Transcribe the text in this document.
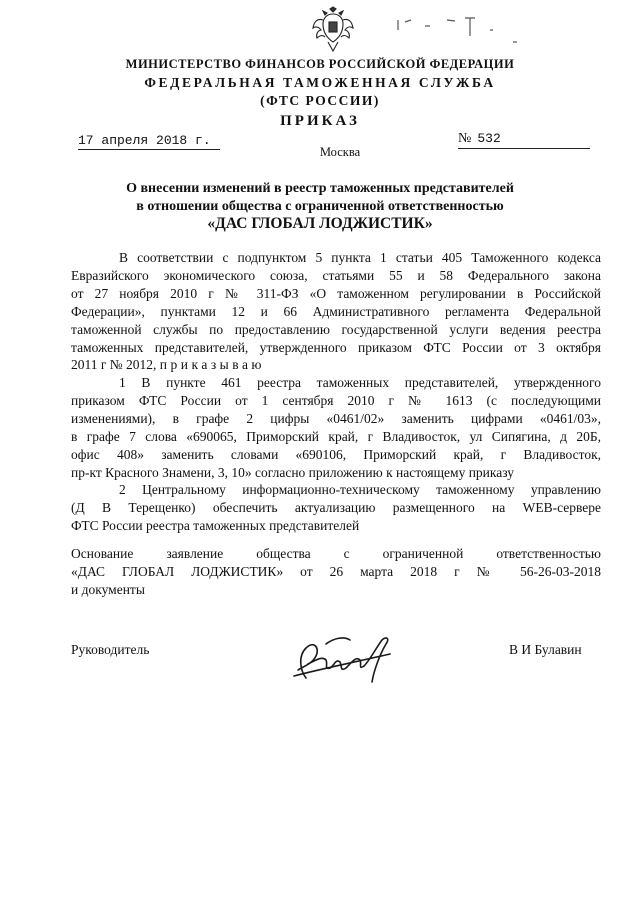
МИНИСТЕРСТВО ФИНАНСОВ РОССИЙСКОЙ ФЕДЕРАЦИИ
ФЕДЕРАЛЬНАЯ ТАМОЖЕННАЯ СЛУЖБА
(ФТС РОССИИ)
ПРИКАЗ
17 апреля 2018 г.	№ 532
Москва
О внесении изменений в реестр таможенных представителей
в отношении общества с ограниченной ответственностью
«ДАС ГЛОБАЛ ЛОДЖИСТИК»
В соответствии с подпунктом 5 пункта 1 статьи 405 Таможенного кодекса
Евразийского экономического союза, статьями 55 и 58 Федерального закона
от 27 ноября 2010 г № 311-ФЗ «О таможенном регулировании в Российской
Федерации», пунктами 12 и 66 Административного регламента Федеральной
таможенной службы по предоставлению государственной услуги ведения реестра
таможенных представителей, утвержденного приказом ФТС России от 3 октября
2011 г № 2012, приказываю
1 В пункте 461 реестра таможенных представителей, утвержденного
приказом ФТС России от 1 сентября 2010 г № 1613 (с последующими
изменениями), в графе 2 цифры «0461/02» заменить цифрами «0461/03»,
в графе 7 слова «690065, Приморский край, г Владивосток, ул Сипягина, д 20Б,
офис 408» заменить словами «690106, Приморский край, г Владивосток,
пр-кт Красного Знамени, 3, 10» согласно приложению к настоящему приказу
2 Центральному информационно-техническому таможенному управлению
(Д В Терещенко) обеспечить актуализацию размещенного на WEB-сервере
ФТС России реестра таможенных представителей
Основание заявление общества с ограниченной ответственностью
«ДАС ГЛОБАЛ ЛОДЖИСТИК» от 26 марта 2018 г № 56-26-03-2018
и документы
Руководитель	В И Булавин
